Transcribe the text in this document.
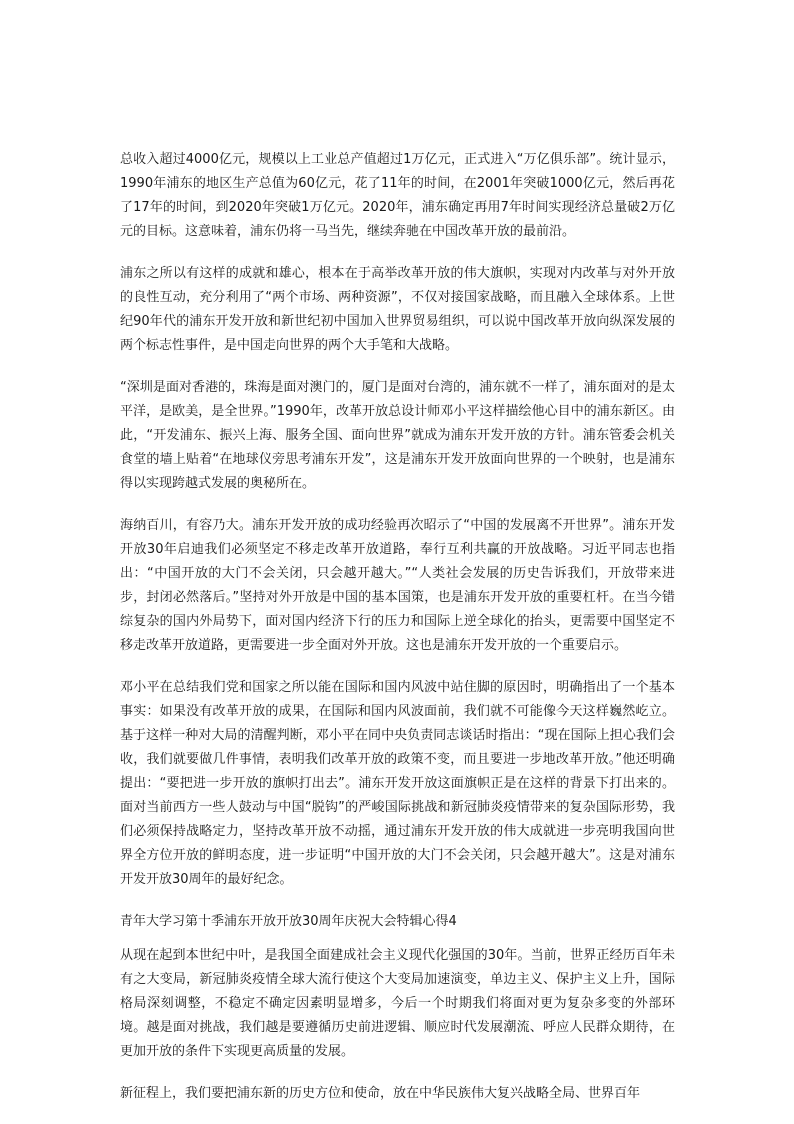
总收入超过4000亿元，规模以上工业总产值超过1万亿元，正式进入“万亿俱乐部”。统计显示，1990年浦东的地区生产总值为60亿元，花了11年的时间，在2001年突破1000亿元，然后再花了17年的时间，到2020年突破1万亿元。2020年，浦东确定再用7年时间实现经济总量破2万亿元的目标。这意味着，浦东仍将一马当先，继续奔驰在中国改革开放的最前沿。

浦东之所以有这样的成就和雄心，根本在于高举改革开放的伟大旗帜，实现对内改革与对外开放的良性互动，充分利用了“两个市场、两种资源”，不仅对接国家战略，而且融入全球体系。上世纪90年代的浦东开发开放和新世纪初中国加入世界贸易组织，可以说中国改革开放向纵深发展的两个标志性事件，是中国走向世界的两个大手笔和大战略。

“深圳是面对香港的，珠海是面对澳门的，厦门是面对台湾的，浦东就不一样了，浦东面对的是太平洋，是欧美，是全世界。”1990年，改革开放总设计师邓小平这样描绘他心目中的浦东新区。由此，“开发浦东、振兴上海、服务全国、面向世界”就成为浦东开发开放的方针。浦东管委会机关食堂的墙上贴着“在地球仪旁思考浦东开发”，这是浦东开发开放面向世界的一个映射，也是浦东得以实现跨越式发展的奥秘所在。

海纳百川，有容乃大。浦东开发开放的成功经验再次昭示了“中国的发展离不开世界”。浦东开发开放30年启迪我们必须坚定不移走改革开放道路，奉行互利共赢的开放战略。习近平同志也指出：“中国开放的大门不会关闭，只会越开越大。”“人类社会发展的历史告诉我们，开放带来进步，封闭必然落后。”坚持对外开放是中国的基本国策，也是浦东开发开放的重要杠杆。在当今错综复杂的国内外局势下，面对国内经济下行的压力和国际上逆全球化的抬头，更需要中国坚定不移走改革开放道路，更需要进一步全面对外开放。这也是浦东开发开放的一个重要启示。

邓小平在总结我们党和国家之所以能在国际和国内风波中站住脚的原因时，明确指出了一个基本事实：如果没有改革开放的成果，在国际和国内风波面前，我们就不可能像今天这样巍然屹立。基于这样一种对大局的清醒判断，邓小平在同中央负责同志谈话时指出：“现在国际上担心我们会收，我们就要做几件事情，表明我们改革开放的政策不变，而且要进一步地改革开放。”他还明确提出：“要把进一步开放的旗帜打出去”。浦东开发开放这面旗帜正是在这样的背景下打出来的。面对当前西方一些人鼓动与中国“脱钩”的严峻国际挑战和新冠肺炎疫情带来的复杂国际形势，我们必须保持战略定力，坚持改革开放不动摇，通过浦东开发开放的伟大成就进一步亮明我国向世界全方位开放的鲜明态度，进一步证明“中国开放的大门不会关闭，只会越开越大”。这是对浦东开发开放30周年的最好纪念。

青年大学习第十季浦东开放开放30周年庆祝大会特辑心得4

从现在起到本世纪中叶，是我国全面建成社会主义现代化强国的30年。当前，世界正经历百年未有之大变局，新冠肺炎疫情全球大流行使这个大变局加速演变，单边主义、保护主义上升，国际格局深刻调整，不稳定不确定因素明显增多，今后一个时期我们将面对更为复杂多变的外部环境。越是面对挑战，我们越是要遵循历史前进逻辑、顺应时代发展潮流、呼应人民群众期待，在更加开放的条件下实现更高质量的发展。

新征程上，我们要把浦东新的历史方位和使命，放在中华民族伟大复兴战略全局、世界百年
